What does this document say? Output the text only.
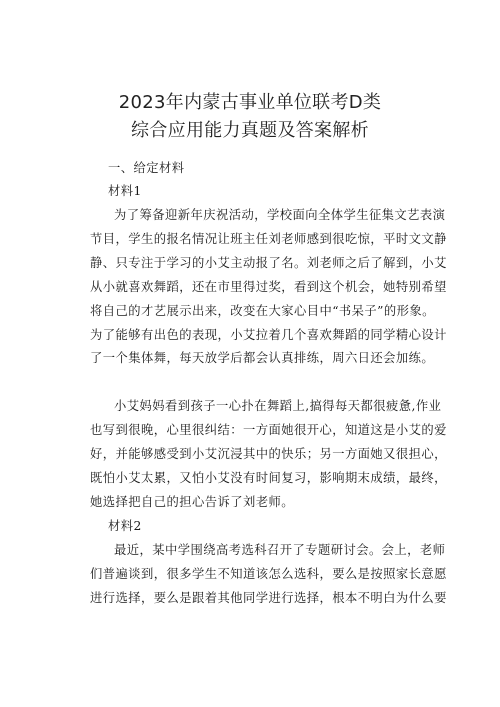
2023年内蒙古事业单位联考D类
综合应用能力真题及答案解析
一、给定材料
材料1
为了筹备迎新年庆祝活动，学校面向全体学生征集文艺表演
节目，学生的报名情况让班主任刘老师感到很吃惊，平时文文静
静、只专注于学习的小艾主动报了名。刘老师之后了解到，小艾
从小就喜欢舞蹈，还在市里得过奖，看到这个机会，她特别希望
将自己的才艺展示出来，改变在大家心目中“书呆子”的形象。
为了能够有出色的表现，小艾拉着几个喜欢舞蹈的同学精心设计
了一个集体舞，每天放学后都会认真排练，周六日还会加练。
小艾妈妈看到孩子一心扑在舞蹈上,搞得每天都很疲惫,作业
也写到很晚，心里很纠结：一方面她很开心，知道这是小艾的爱
好，并能够感受到小艾沉浸其中的快乐；另一方面她又很担心，
既怕小艾太累，又怕小艾没有时间复习，影响期末成绩，最终，
她选择把自己的担心告诉了刘老师。
材料2
最近，某中学围绕高考选科召开了专题研讨会。会上，老师
们普遍谈到，很多学生不知道该怎么选科，要么是按照家长意愿
进行选择，要么是跟着其他同学进行选择，根本不明白为什么要
